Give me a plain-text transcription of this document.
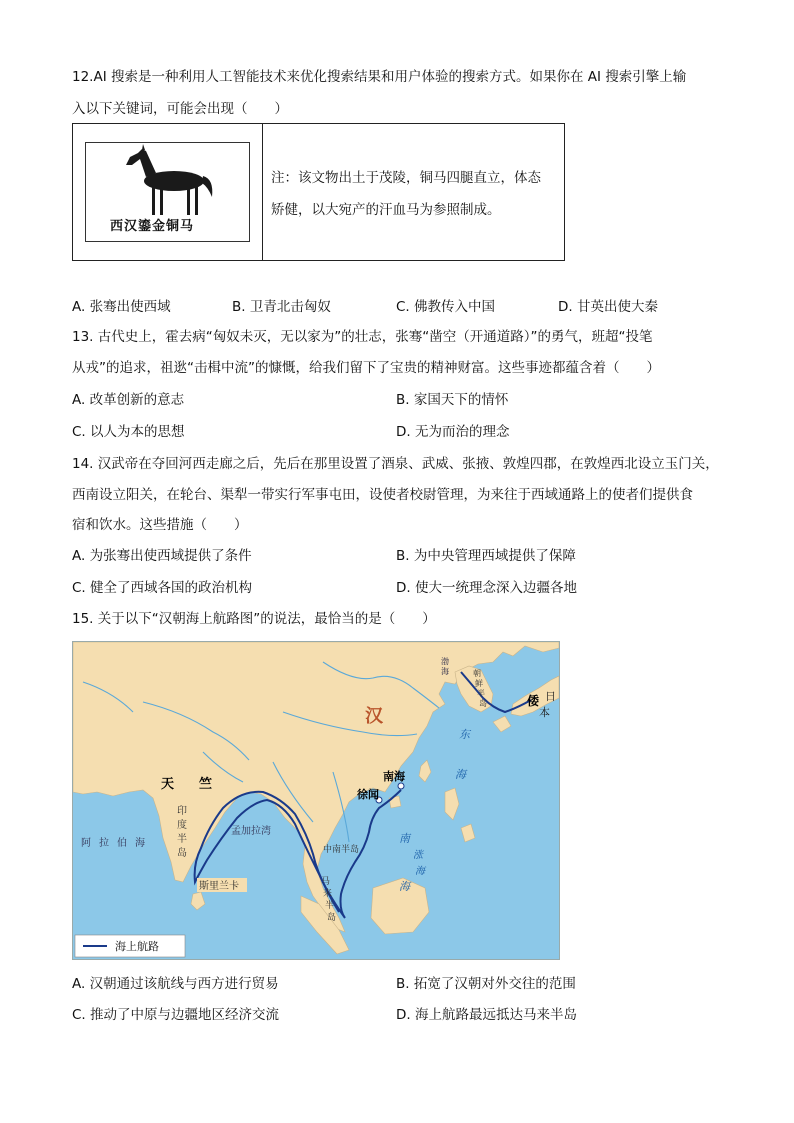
12.AI 搜索是一种利用人工智能技术来优化搜索结果和用户体验的搜索方式。如果你在 AI 搜索引擎上输
入以下关键词，可能会出现（　　）
西汉鎏金铜马
注：该文物出土于茂陵，铜马四腿直立，体态
矫健，以大宛产的汗血马为参照制成。
A. 张骞出使西域	B. 卫青北击匈奴	C. 佛教传入中国	D. 甘英出使大秦
13. 古代史上，霍去病“匈奴未灭，无以家为”的壮志，张骞“凿空（开通道路）”的勇气，班超“投笔
从戎”的追求，祖逖“击楫中流”的慷慨，给我们留下了宝贵的精神财富。这些事迹都蕴含着（　　）
A. 改革创新的意志	B. 家国天下的情怀
C. 以人为本的思想	D. 无为而治的理念
14. 汉武帝在夺回河西走廊之后，先后在那里设置了酒泉、武威、张掖、敦煌四郡，在敦煌西北设立玉门关，
西南设立阳关，在轮台、渠犁一带实行军事屯田，设使者校尉管理，为来往于西域通路上的使者们提供食
宿和饮水。这些措施（　　）
A. 为张骞出使西域提供了条件	B. 为中央管理西域提供了保障
C. 健全了西域各国的政治机构	D. 使大一统理念深入边疆各地
15. 关于以下“汉朝海上航路图”的说法，最恰当的是（　　）
汉
天 竺
印
度
半
岛
阿 拉 伯 海
孟加拉湾
斯里兰卡
中南半岛
马
来
半
岛
南海
徐闻
倭 日
本
朝
鲜
半
岛
渤
海
东
海
南
海
涨
海
海上航路
A. 汉朝通过该航线与西方进行贸易	B. 拓宽了汉朝对外交往的范围
C. 推动了中原与边疆地区经济交流	D. 海上航路最远抵达马来半岛
